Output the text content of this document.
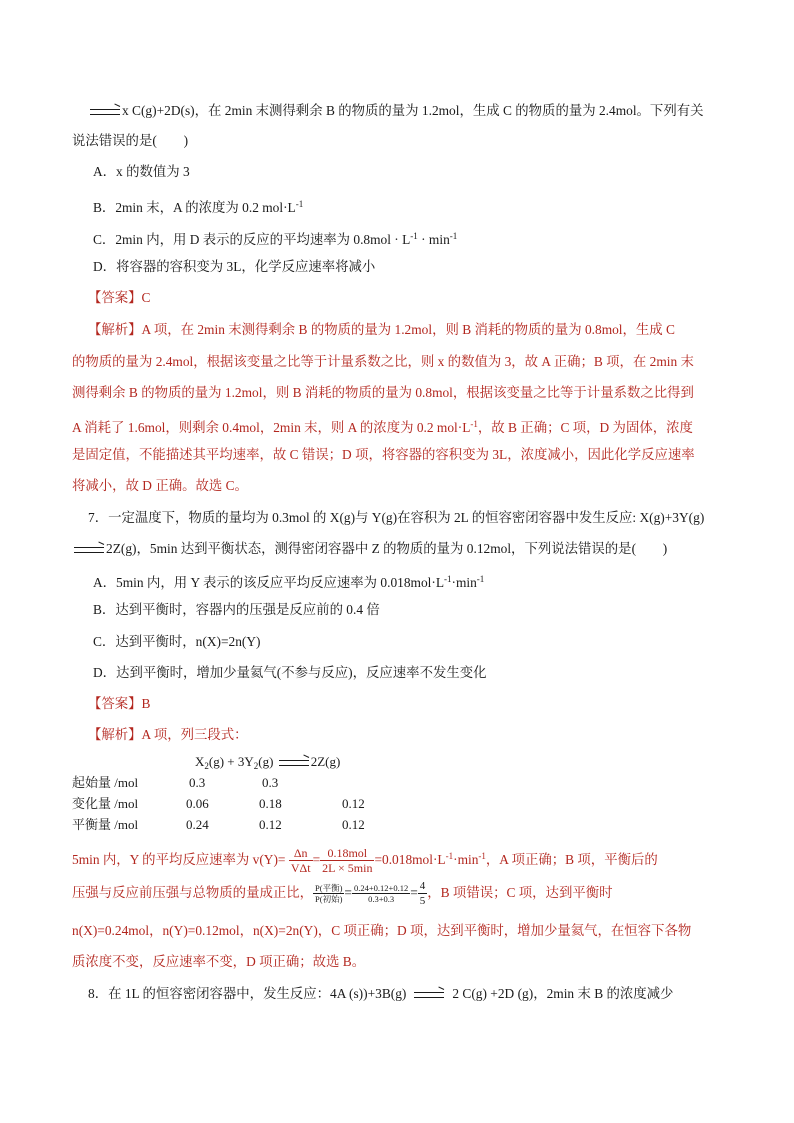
→ x C(g)+2D(s)，在 2min 末测得剩余 B 的物质的量为 1.2mol，生成 C 的物质的量为 2.4mol。下列有关
说法错误的是(　　)
A．x 的数值为 3
B．2min 末，A 的浓度为 0.2 $mol\cdot L^{-1}$
C．2min 内，用 D 表示的反应的平均速率为 $0.8mol \cdot L^{-1} \cdot \min^{-1}$
D．将容器的容积变为 3L，化学反应速率将减小
【答案】C
【解析】A 项，在 2min 末测得剩余 B 的物质的量为 1.2mol，则 B 消耗的物质的量为 0.8mol，生成 C
的物质的量为 2.4mol，根据该变量之比等于计量系数之比，则 x 的数值为 3，故 A 正确；B 项，在 2min 末
测得剩余 B 的物质的量为 1.2mol，则 B 消耗的物质的量为 0.8mol，根据该变量之比等于计量系数之比得到
A 消耗了 1.6mol，则剩余 0.4mol，2min 末，则 A 的浓度为 0.2 $mol\cdot L^{-1}$，故 B 正确；C 项，D 为固体，浓度
是固定值，不能描述其平均速率，故 C 错误；D 项，将容器的容积变为 3L，浓度减小，因此化学反应速率
将减小，故 D 正确。故选 C。
7．一定温度下，物质的量均为 0.3mol 的 X(g)与 Y(g)在容积为 2L 的恒容密闭容器中发生反应: X(g)+3Y(g)
→ 2Z(g)，5min 达到平衡状态，测得密闭容器中 Z 的物质的量为 0.12mol，下列说法错误的是(　　)
A．5min 内，用 Y 表示的该反应平均反应速率为 $0.018mol\cdot L^{-1}\cdot\min^{-1}$
B．达到平衡时，容器内的压强是反应前的 0.4 倍
C．达到平衡时，n(X)=2n(Y)
D．达到平衡时，增加少量氦气(不参与反应)，反应速率不发生变化
【答案】B
【解析】A 项，列三段式：
$X_2(g) + 3Y_2(g) \to 2Z(g)$
起始量 /mol	0.3	0.3
变化量 /mol	0.06	0.18	0.12
平衡量 /mol	0.24	0.12	0.12
5min 内，Y 的平均反应速率为 $v(Y)= \frac{\Delta n}{\text{VΔt}} = \frac{\text{0.18mol}}{2L \times 5\min} =0.018mol\cdot L^{-1}\cdot\min^{-1}$，A 项正确；B 项，平衡后的
压强与反应前压强与总物质的量成正比， $\frac{\text{P(平衡)}}{\text{P(初始)}} = \frac{0.24+0.12+0.12}{0.3+0.3} = \frac{4}{5}$ ，B 项错误；C 项，达到平衡时
n(X)=0.24mol，n(Y)=0.12mol，n(X)=2n(Y)，C 项正确；D 项，达到平衡时，增加少量氦气，在恒容下各物
质浓度不变，反应速率不变，D 项正确；故选 B。
8．在 1L 的恒容密闭容器中，发生反应：4A (s))+3B(g) → 2 C(g) +2D (g)，2min 末 B 的浓度减少
